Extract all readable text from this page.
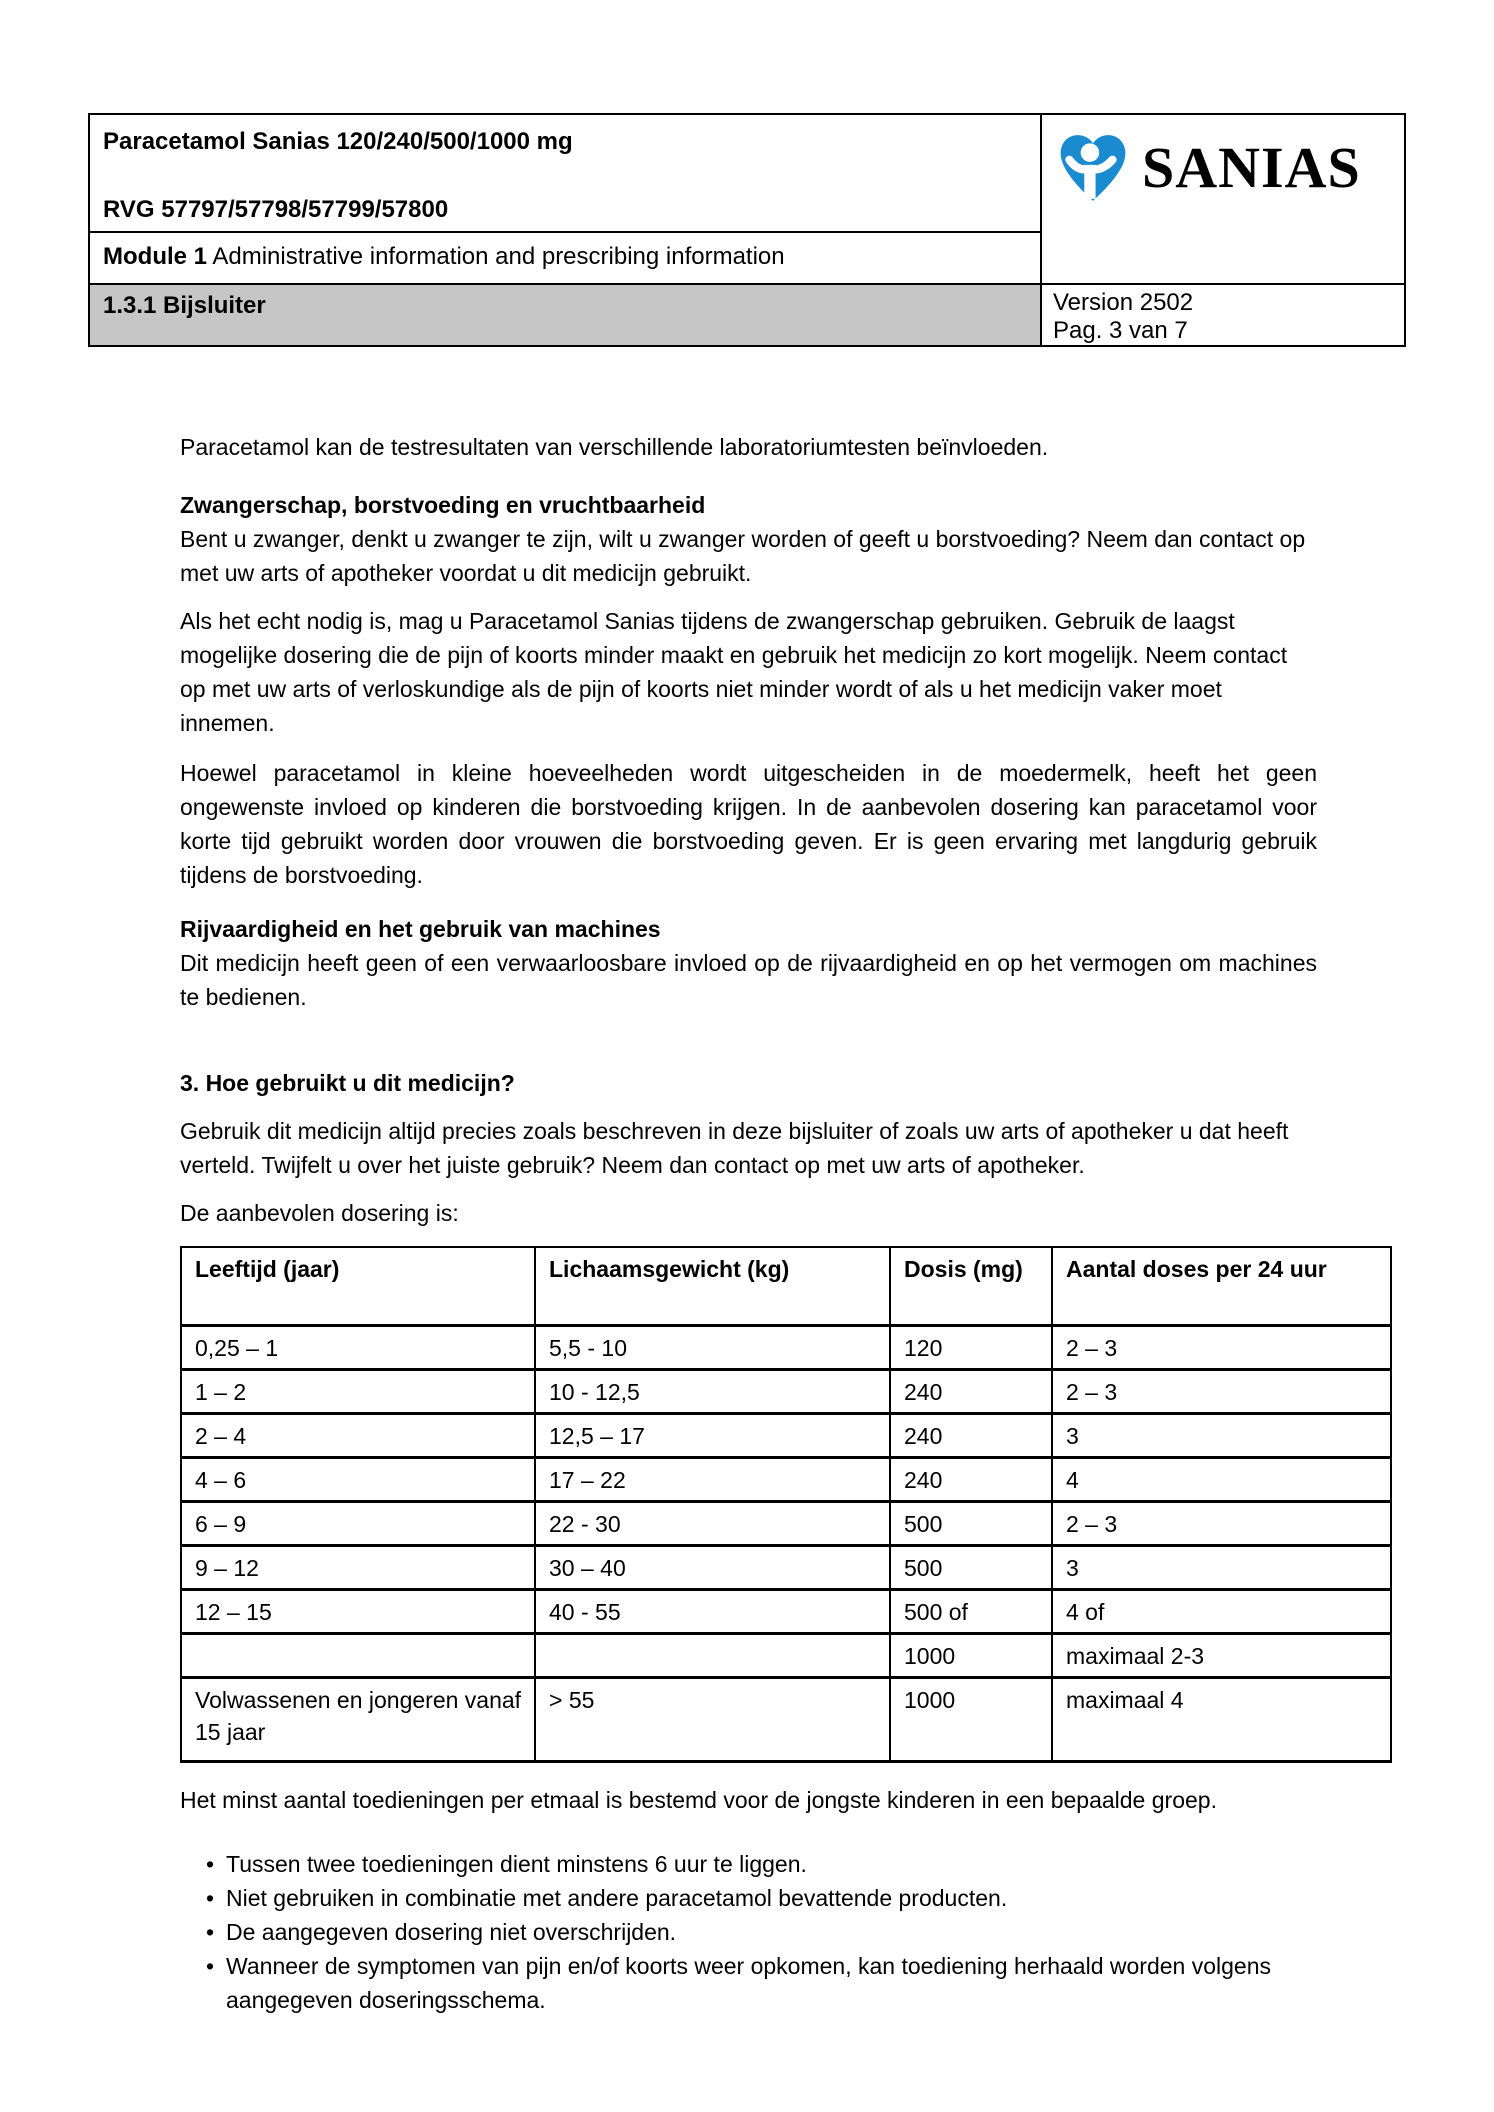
Paracetamol Sanias 120/240/500/1000 mg
RVG 57797/57798/57799/57800
Module 1 Administrative information and prescribing information
SANIAS
1.3.1 Bijsluiter	Version 2502
Pag. 3 van 7

Paracetamol kan de testresultaten van verschillende laboratoriumtesten beïnvloeden.

Zwangerschap, borstvoeding en vruchtbaarheid

Bent u zwanger, denkt u zwanger te zijn, wilt u zwanger worden of geeft u borstvoeding? Neem dan contact op met uw arts of apotheker voordat u dit medicijn gebruikt.

Als het echt nodig is, mag u Paracetamol Sanias tijdens de zwangerschap gebruiken. Gebruik de laagst mogelijke dosering die de pijn of koorts minder maakt en gebruik het medicijn zo kort mogelijk. Neem contact op met uw arts of verloskundige als de pijn of koorts niet minder wordt of als u het medicijn vaker moet innemen.

Hoewel paracetamol in kleine hoeveelheden wordt uitgescheiden in de moedermelk, heeft het geen ongewenste invloed op kinderen die borstvoeding krijgen. In de aanbevolen dosering kan paracetamol voor korte tijd gebruikt worden door vrouwen die borstvoeding geven. Er is geen ervaring met langdurig gebruik tijdens de borstvoeding.

Rijvaardigheid en het gebruik van machines

Dit medicijn heeft geen of een verwaarloosbare invloed op de rijvaardigheid en op het vermogen om machines te bedienen.

3. Hoe gebruikt u dit medicijn?

Gebruik dit medicijn altijd precies zoals beschreven in deze bijsluiter of zoals uw arts of apotheker u dat heeft verteld. Twijfelt u over het juiste gebruik? Neem dan contact op met uw arts of apotheker.

De aanbevolen dosering is:

Leeftijd (jaar)	Lichaamsgewicht (kg)	Dosis (mg)	Aantal doses per 24 uur
0,25 – 1	5,5 - 10	120	2 – 3
1 – 2	10 - 12,5	240	2 – 3
2 – 4	12,5 – 17	240	3
4 – 6	17 – 22	240	4
6 – 9	22 - 30	500	2 – 3
9 – 12	30 – 40	500	3
12 – 15	40 - 55	500 of	4 of
		1000	maximaal 2-3
Volwassenen en jongeren vanaf 15 jaar	> 55	1000	maximaal 4

Het minst aantal toedieningen per etmaal is bestemd voor de jongste kinderen in een bepaalde groep.

• Tussen twee toedieningen dient minstens 6 uur te liggen.
• Niet gebruiken in combinatie met andere paracetamol bevattende producten.
• De aangegeven dosering niet overschrijden.
• Wanneer de symptomen van pijn en/of koorts weer opkomen, kan toediening herhaald worden volgens aangegeven doseringsschema.
